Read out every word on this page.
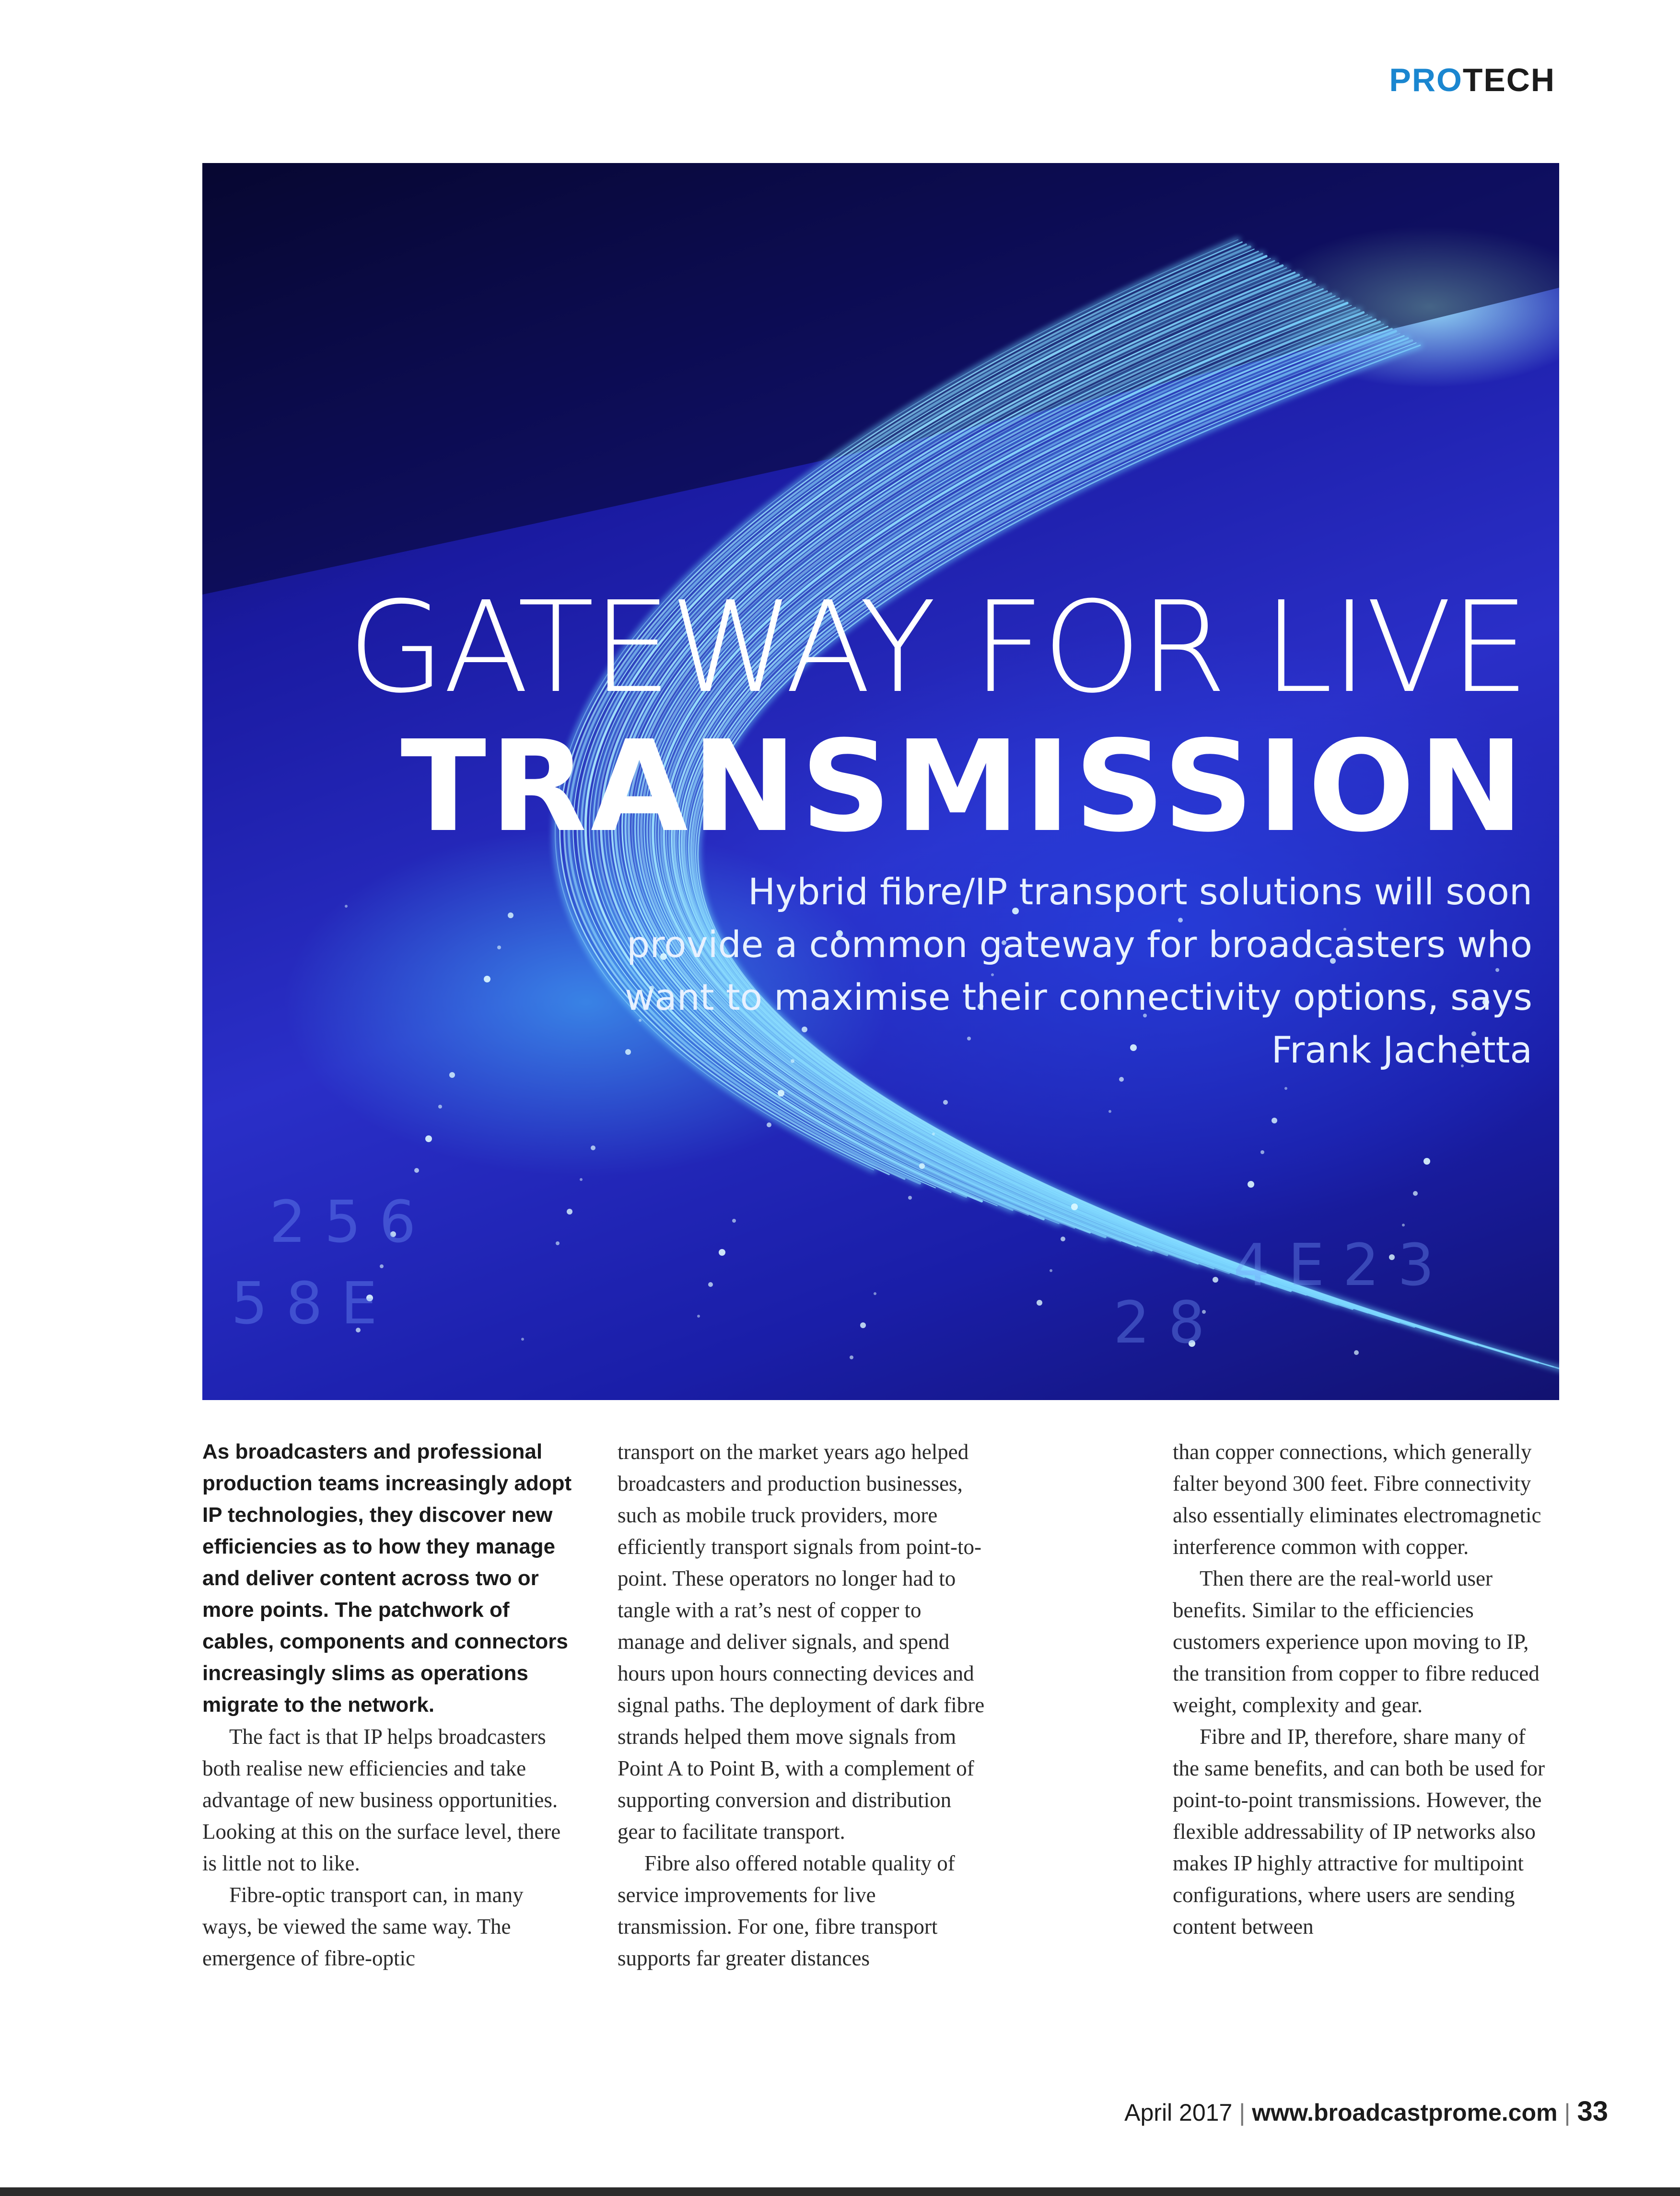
PROTECH
4 E 2 3
2 8
5 8 E
2 5 6
GATEWAY FOR LIVE
TRANSMISSION
Hybrid fibre/IP transport solutions will soon provide a common gateway for broadcasters who want to maximise their connectivity options, says Frank Jachetta

As broadcasters and professional production teams increasingly adopt IP technologies, they discover new efficiencies as to how they manage and deliver content across two or more points. The patchwork of cables, components and connectors increasingly slims as operations migrate to the network.

The fact is that IP helps broadcasters both realise new efficiencies and take advantage of new business opportunities. Looking at this on the surface level, there is little not to like.

Fibre-optic transport can, in many ways, be viewed the same way. The emergence of fibre-optic

transport on the market years ago helped broadcasters and production businesses, such as mobile truck providers, more efficiently transport signals from point-to-point. These operators no longer had to tangle with a rat’s nest of copper to manage and deliver signals, and spend hours upon hours connecting devices and signal paths. The deployment of dark fibre strands helped them move signals from Point A to Point B, with a complement of supporting conversion and distribution gear to facilitate transport.

Fibre also offered notable quality of service improvements for live transmission. For one, fibre transport supports far greater distances

than copper connections, which generally falter beyond 300 feet. Fibre connectivity also essentially eliminates electromagnetic interference common with copper.

Then there are the real-world user benefits. Similar to the efficiencies customers experience upon moving to IP, the transition from copper to fibre reduced weight, complexity and gear.

Fibre and IP, therefore, share many of the same benefits, and can both be used for point-to-point transmissions. However, the flexible addressability of IP networks also makes IP highly attractive for multipoint configurations, where users are sending content between

April 2017 | www.broadcastprome.com | 33
